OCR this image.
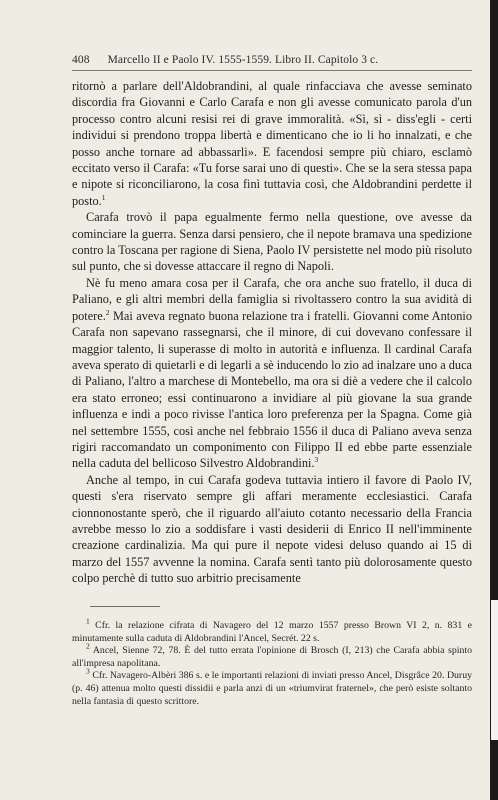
408 Marcello II e Paolo IV. 1555-1559. Libro II. Capitolo 3 c.

ritornò a parlare dell'Aldobrandini, al quale rinfacciava che avesse seminato discordia fra Giovanni e Carlo Carafa e non gli avesse comunicato parola d'un processo contro alcuni resisi rei di grave immoralità. «Sì, sì - diss'egli - certi individui si prendono troppa libertà e dimenticano che io li ho innalzati, e che posso anche tornare ad abbassarli». E facendosi sempre più chiaro, esclamò eccitato verso il Carafa: «Tu forse sarai uno di questi». Che se la sera stessa papa e nipote si riconciliarono, la cosa finì tuttavia così, che Aldobrandini perdette il posto.$^1$

Carafa trovò il papa egualmente fermo nella questione, ove avesse da cominciare la guerra. Senza darsi pensiero, che il nepote bramava una spedizione contro la Toscana per ragione di Siena, Paolo IV persistette nel modo più risoluto sul punto, che si dovesse attaccare il regno di Napoli.

Nè fu meno amara cosa per il Carafa, che ora anche suo fratello, il duca di Paliano, e gli altri membri della famiglia si rivoltassero contro la sua avidità di potere.$^2$ Mai aveva regnato buona relazione tra i fratelli. Giovanni come Antonio Carafa non sapevano rassegnarsi, che il minore, di cui dovevano confessare il maggior talento, li superasse di molto in autorità e influenza. Il cardinal Carafa aveva sperato di quietarli e di legarli a sè inducendo lo zio ad inalzare uno a duca di Paliano, l'altro a marchese di Montebello, ma ora si diè a vedere che il calcolo era stato erroneo; essi continuarono a invidiare al più giovane la sua grande influenza e indi a poco rivisse l'antica loro preferenza per la Spagna. Come già nel settembre 1555, così anche nel febbraio 1556 il duca di Paliano aveva senza rigiri raccomandato un componimento con Filippo II ed ebbe parte essenziale nella caduta del bellicoso Silvestro Aldobrandini.$^3$

Anche al tempo, in cui Carafa godeva tuttavia intiero il favore di Paolo IV, questi s'era riservato sempre gli affari meramente ecclesiastici. Carafa cionnonostante sperò, che il riguardo all'aiuto cotanto necessario della Francia avrebbe messo lo zio a soddisfare i vasti desiderii di Enrico II nell'imminente creazione cardinalizia. Ma qui pure il nepote videsi deluso quando ai 15 di marzo del 1557 avvenne la nomina. Carafa sentì tanto più dolorosamente questo colpo perchè di tutto suo arbitrio precisamente

$^1$ Cfr. la relazione cifrata di Navagero del 12 marzo 1557 presso Brown VI 2, n. 831 e minutamente sulla caduta di Aldobrandini l'Ancel, Secrét. 22 s.

$^2$ Ancel, Sienne 72, 78. È del tutto errata l'opinione di Brosch (I, 213) che Carafa abbia spinto all'impresa napolitana.

$^3$ Cfr. Navagero-Albèri 386 s. e le importanti relazioni di inviati presso Ancel, Disgrâce 20. Duruy (p. 46) attenua molto questi dissidii e parla anzi di un «triumvirat fraternel», che però esiste soltanto nella fantasia di questo scrittore.
